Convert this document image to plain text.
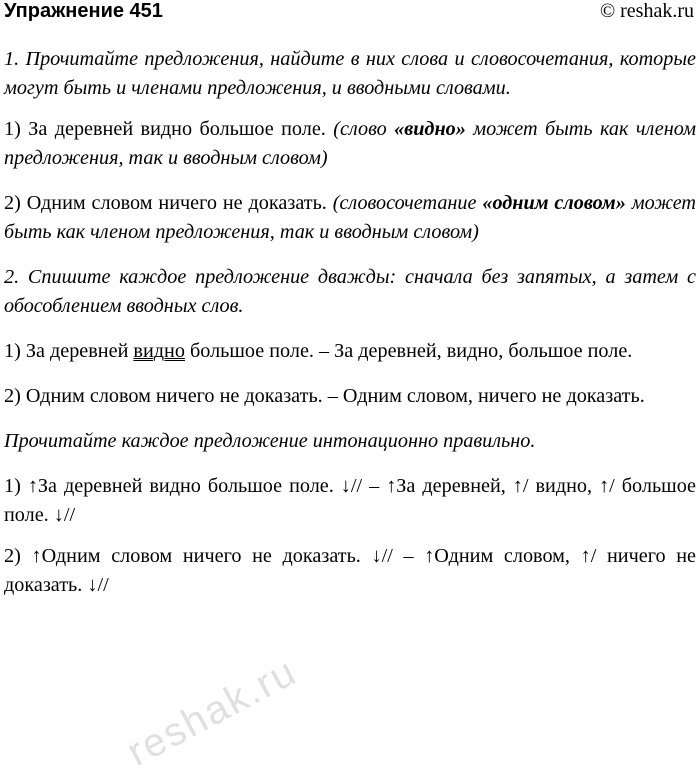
Упражнение 451	© reshak.ru

1. Прочитайте предложения, найдите в них слова и словосочетания, которые могут быть и членами предложения, и вводными словами.

1) За деревней видно большое поле. (слово «видно» может быть как членом предложения, так и вводным словом)

2) Одним словом ничего не доказать. (словосочетание «одним словом» может быть как членом предложения, так и вводным словом)

2. Спишите каждое предложение дважды: сначала без запятых, а затем с обособлением вводных слов.

1) За деревней видно большое поле. – За деревней, видно, большое поле.

2) Одним словом ничего не доказать. – Одним словом, ничего не доказать.

Прочитайте каждое предложение интонационно правильно.

1) ↑За деревней видно большое поле. ↓// – ↑За деревней, ↑/ видно, ↑/ большое поле. ↓//

2) ↑Одним словом ничего не доказать. ↓// – ↑Одним словом, ↑/ ничего не доказать. ↓//

reshak.ru
